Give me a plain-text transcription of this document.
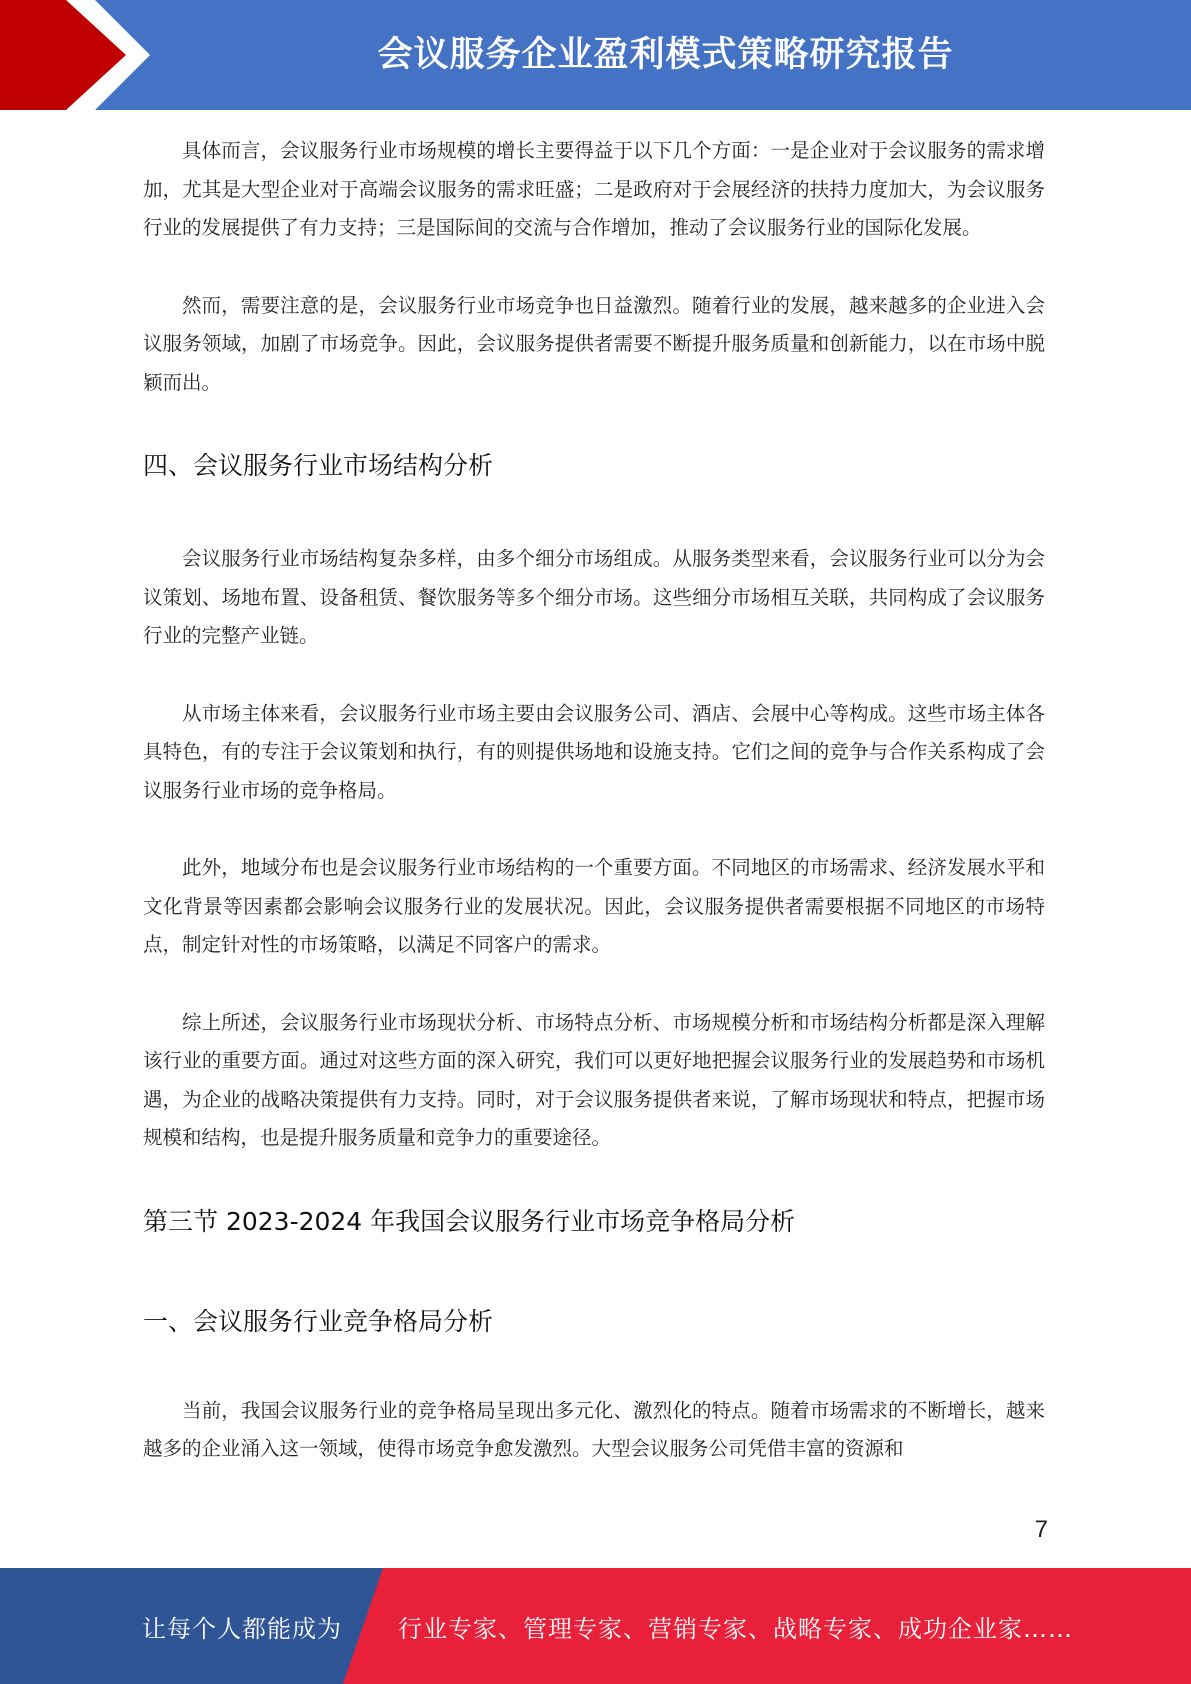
会议服务企业盈利模式策略研究报告

具体而言，会议服务行业市场规模的增长主要得益于以下几个方面：一是企业对于会议服务的需求增加，尤其是大型企业对于高端会议服务的需求旺盛；二是政府对于会展经济的扶持力度加大，为会议服务行业的发展提供了有力支持；三是国际间的交流与合作增加，推动了会议服务行业的国际化发展。

然而，需要注意的是，会议服务行业市场竞争也日益激烈。随着行业的发展，越来越多的企业进入会议服务领域，加剧了市场竞争。因此，会议服务提供者需要不断提升服务质量和创新能力，以在市场中脱颖而出。

四、会议服务行业市场结构分析

会议服务行业市场结构复杂多样，由多个细分市场组成。从服务类型来看，会议服务行业可以分为会议策划、场地布置、设备租赁、餐饮服务等多个细分市场。这些细分市场相互关联，共同构成了会议服务行业的完整产业链。

从市场主体来看，会议服务行业市场主要由会议服务公司、酒店、会展中心等构成。这些市场主体各具特色，有的专注于会议策划和执行，有的则提供场地和设施支持。它们之间的竞争与合作关系构成了会议服务行业市场的竞争格局。

此外，地域分布也是会议服务行业市场结构的一个重要方面。不同地区的市场需求、经济发展水平和文化背景等因素都会影响会议服务行业的发展状况。因此，会议服务提供者需要根据不同地区的市场特点，制定针对性的市场策略，以满足不同客户的需求。

综上所述，会议服务行业市场现状分析、市场特点分析、市场规模分析和市场结构分析都是深入理解该行业的重要方面。通过对这些方面的深入研究，我们可以更好地把握会议服务行业的发展趋势和市场机遇，为企业的战略决策提供有力支持。同时，对于会议服务提供者来说，了解市场现状和特点，把握市场规模和结构，也是提升服务质量和竞争力的重要途径。

第三节 2023-2024 年我国会议服务行业市场竞争格局分析
一、会议服务行业竞争格局分析

当前，我国会议服务行业的竞争格局呈现出多元化、激烈化的特点。随着市场需求的不断增长，越来越多的企业涌入这一领域，使得市场竞争愈发激烈。大型会议服务公司凭借丰富的资源和

7
让每个人都能成为 行业专家、管理专家、营销专家、战略专家、成功企业家……
